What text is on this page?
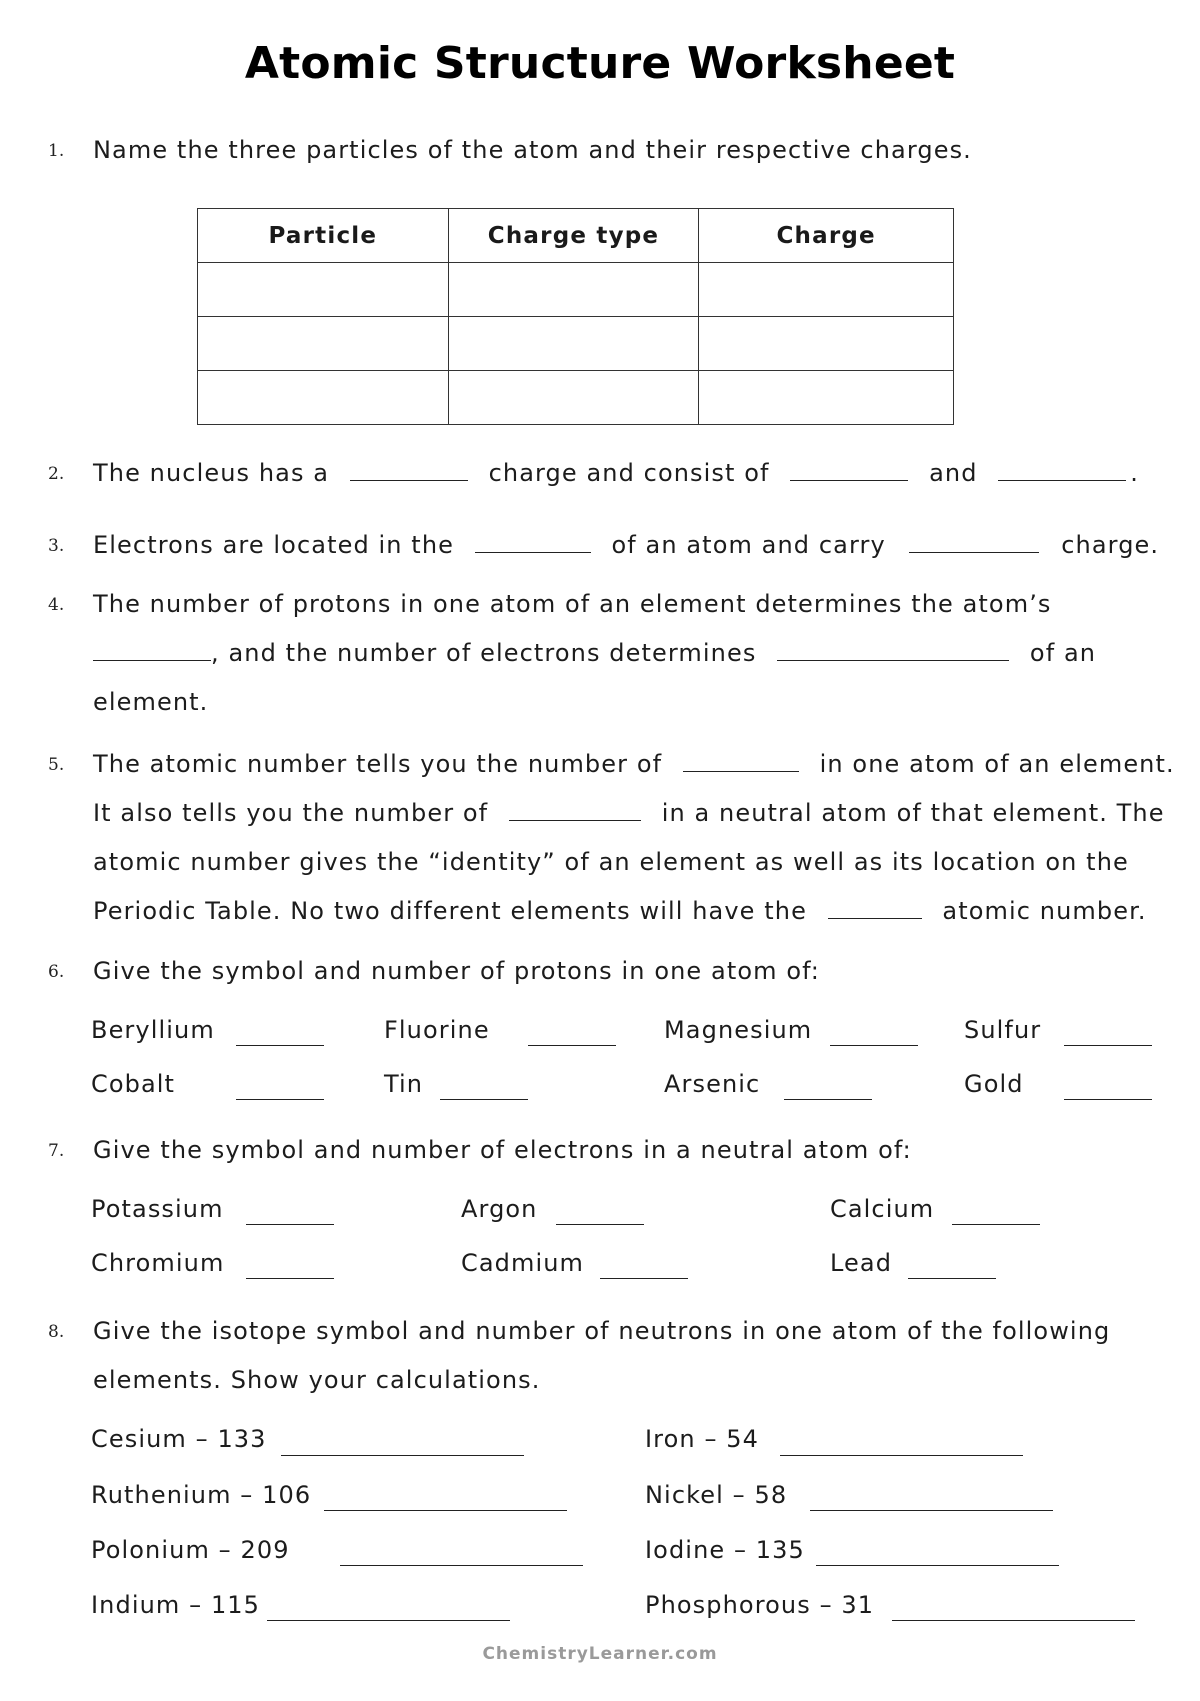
Atomic Structure Worksheet
1. Name the three particles of the atom and their respective charges.
Particle	Charge type	Charge

2. The nucleus has a	charge and consist of	and	.
3. Electrons are located in the	of an atom and carry	charge.
4. The number of protons in one atom of an element determines the atom’s
, and the number of electrons determines	of an
element.
5. The atomic number tells you the number of	in one atom of an element.
It also tells you the number of	in a neutral atom of that element. The
atomic number gives the “identity” of an element as well as its location on the
Periodic Table. No two different elements will have the	atomic number.
6. Give the symbol and number of protons in one atom of:
Beryllium	Fluorine	Magnesium	Sulfur
Cobalt	Tin	Arsenic	Gold
7. Give the symbol and number of electrons in a neutral atom of:
Potassium	Argon	Calcium
Chromium	Cadmium	Lead
8. Give the isotope symbol and number of neutrons in one atom of the following
elements. Show your calculations.
Cesium – 133	Iron – 54
Ruthenium – 106	Nickel – 58
Polonium – 209	Iodine – 135
Indium – 115	Phosphorous – 31
ChemistryLearner.com
